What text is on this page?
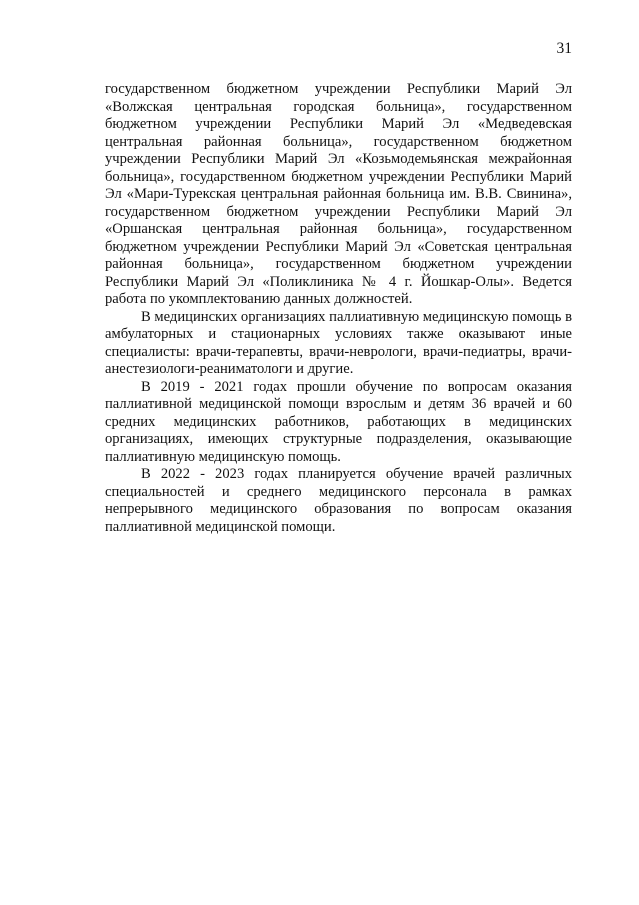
31

государственном бюджетном учреждении Республики Марий Эл «Волжская центральная городская больница», государственном бюджетном учреждении Республики Марий Эл «Медведевская центральная районная больница», государственном бюджетном учреждении Республики Марий Эл «Козьмодемьянская межрайонная больница», государственном бюджетном учреждении Республики Марий Эл «Мари-Турекская центральная районная больница им. В.В. Свинина», государственном бюджетном учреждении Республики Марий Эл «Оршанская центральная районная больница», государственном бюджетном учреждении Республики Марий Эл «Советская центральная районная больница», государственном бюджетном учреждении Республики Марий Эл «Поликлиника № 4 г. Йошкар-Олы». Ведется работа по укомплектованию данных должностей.

В медицинских организациях паллиативную медицинскую помощь в амбулаторных и стационарных условиях также оказывают иные специалисты: врачи-терапевты, врачи-неврологи, врачи-педиатры, врачи-анестезиологи-реаниматологи и другие.

В 2019 - 2021 годах прошли обучение по вопросам оказания паллиативной медицинской помощи взрослым и детям 36 врачей и 60 средних медицинских работников, работающих в медицинских организациях, имеющих структурные подразделения, оказывающие паллиативную медицинскую помощь.

В 2022 - 2023 годах планируется обучение врачей различных специальностей и среднего медицинского персонала в рамках непрерывного медицинского образования по вопросам оказания паллиативной медицинской помощи.
